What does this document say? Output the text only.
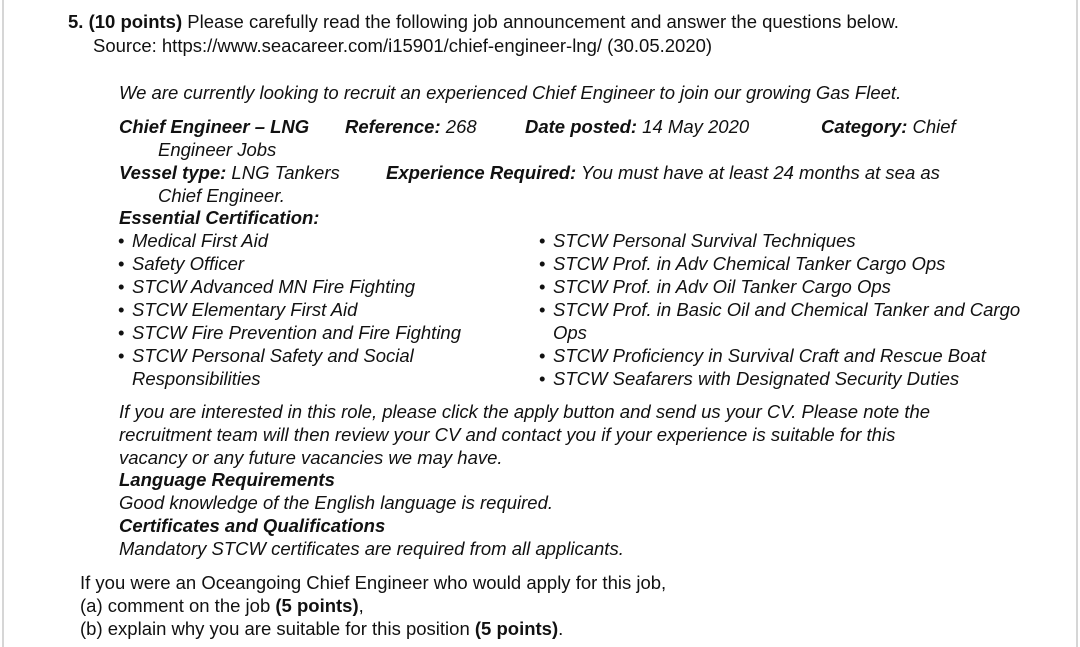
5. (10 points) Please carefully read the following job announcement and answer the questions below.
Source: https://www.seacareer.com/i15901/chief-engineer-lng/ (30.05.2020)
We are currently looking to recruit an experienced Chief Engineer to join our growing Gas Fleet.
Chief Engineer – LNG Reference: 268	Date posted: 14 May 2020	Category: Chief
Engineer Jobs
Vessel type: LNG Tankers	Experience Required: You must have at least 24 months at sea as
Chief Engineer.
Essential Certification:
• Medical First Aid
• Safety Officer
• STCW Advanced MN Fire Fighting
• STCW Elementary First Aid
• STCW Fire Prevention and Fire Fighting
• STCW Personal Safety and Social
Responsibilities
• STCW Personal Survival Techniques
• STCW Prof. in Adv Chemical Tanker Cargo Ops
• STCW Prof. in Adv Oil Tanker Cargo Ops
• STCW Prof. in Basic Oil and Chemical Tanker and Cargo
Ops
• STCW Proficiency in Survival Craft and Rescue Boat
• STCW Seafarers with Designated Security Duties
If you are interested in this role, please click the apply button and send us your CV. Please note the
recruitment team will then review your CV and contact you if your experience is suitable for this
vacancy or any future vacancies we may have.
Language Requirements
Good knowledge of the English language is required.
Certificates and Qualifications
Mandatory STCW certificates are required from all applicants.
If you were an Oceangoing Chief Engineer who would apply for this job,
(a) comment on the job (5 points),
(b) explain why you are suitable for this position (5 points).
